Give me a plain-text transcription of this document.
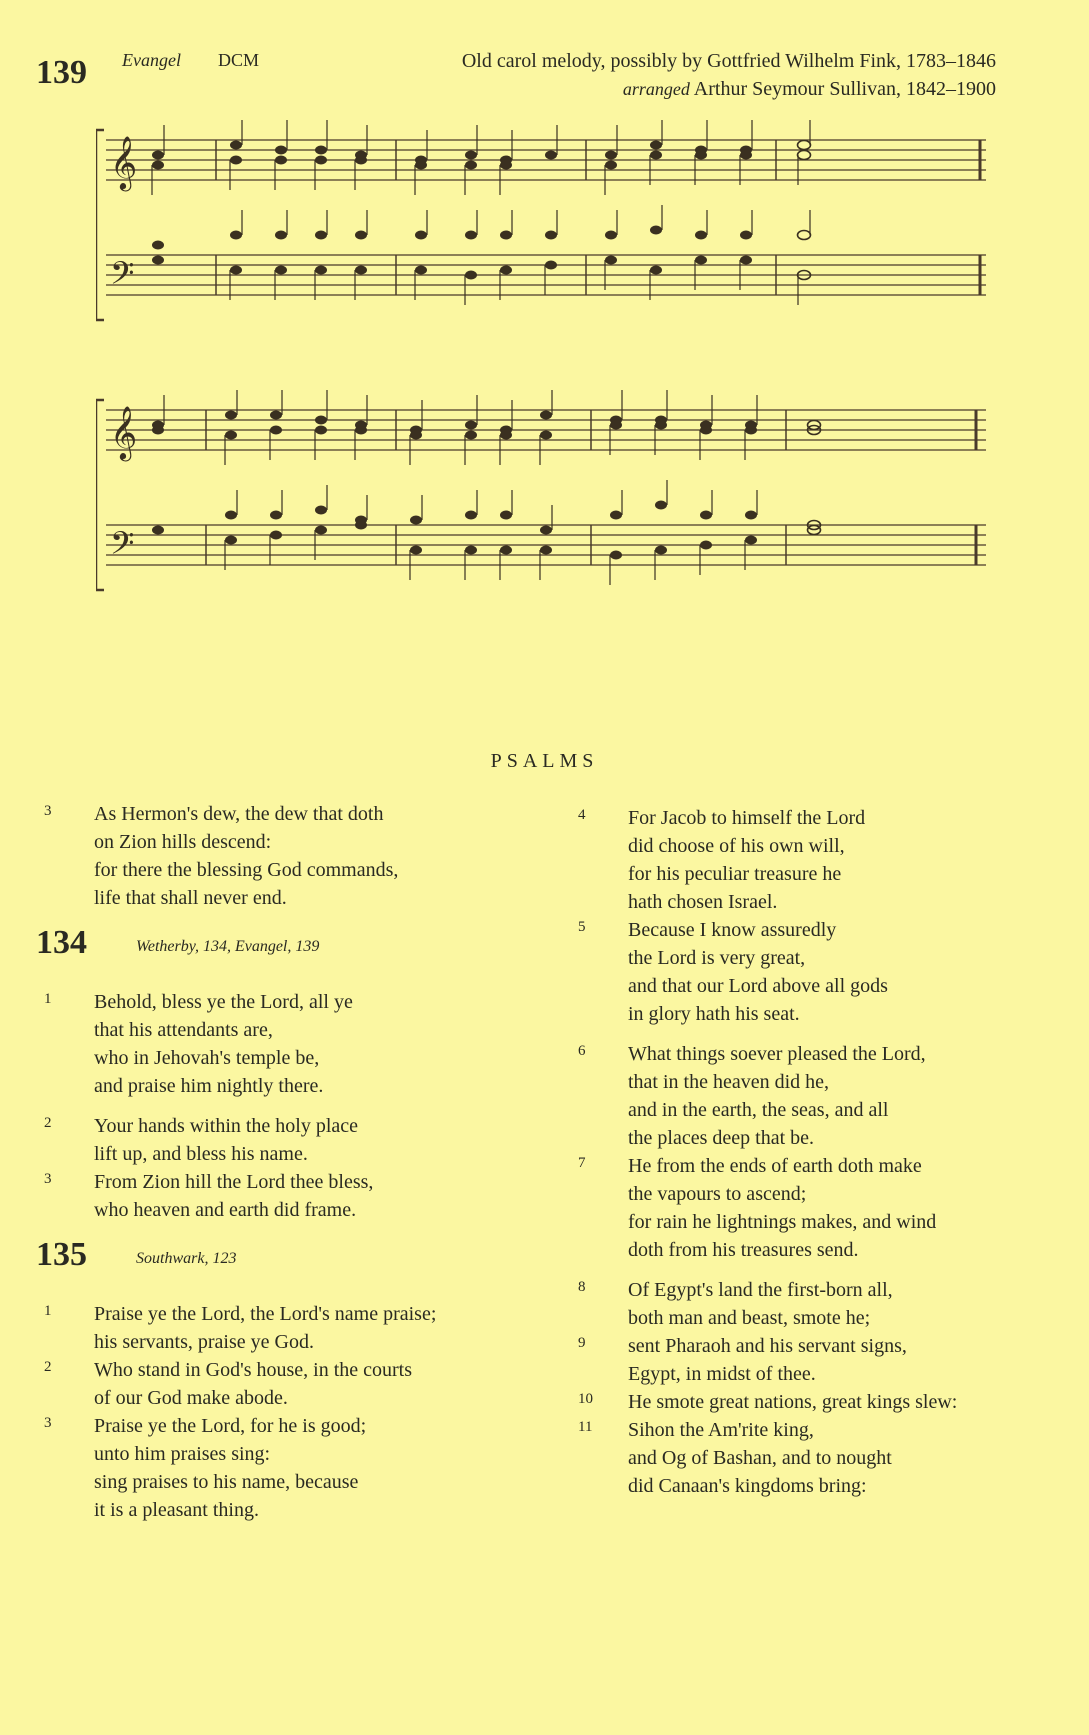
139 Evangel DCM	Old carol melody, possibly by Gottfried Wilhelm Fink, 1783–1846
arranged Arthur Seymour Sullivan, 1842–1900
𝄞
𝄢
𝄞
𝄢
PSALMS
3 As Hermon's dew, the dew that doth
on Zion hills descend:
for there the blessing God commands,
life that shall never end.
134	Wetherby, 134, Evangel, 139
1 Behold, bless ye the Lord, all ye
that his attendants are,
who in Jehovah's temple be,
and praise him nightly there.
2 Your hands within the holy place
lift up, and bless his name.
3 From Zion hill the Lord thee bless,
who heaven and earth did frame.
135	Southwark, 123
1 Praise ye the Lord, the Lord's name praise;
his servants, praise ye God.
2 Who stand in God's house, in the courts
of our God make abode.
3 Praise ye the Lord, for he is good;
unto him praises sing:
sing praises to his name, because
it is a pleasant thing.
4 For Jacob to himself the Lord
did choose of his own will,
for his peculiar treasure he
hath chosen Israel.
5 Because I know assuredly
the Lord is very great,
and that our Lord above all gods
in glory hath his seat.
6 What things soever pleased the Lord,
that in the heaven did he,
and in the earth, the seas, and all
the places deep that be.
7 He from the ends of earth doth make
the vapours to ascend;
for rain he lightnings makes, and wind
doth from his treasures send.
8 Of Egypt's land the first-born all,
both man and beast, smote he;
9 sent Pharaoh and his servant signs,
Egypt, in midst of thee.
10 He smote great nations, great kings slew:
11 Sihon the Am'rite king,
and Og of Bashan, and to nought
did Canaan's kingdoms bring:
